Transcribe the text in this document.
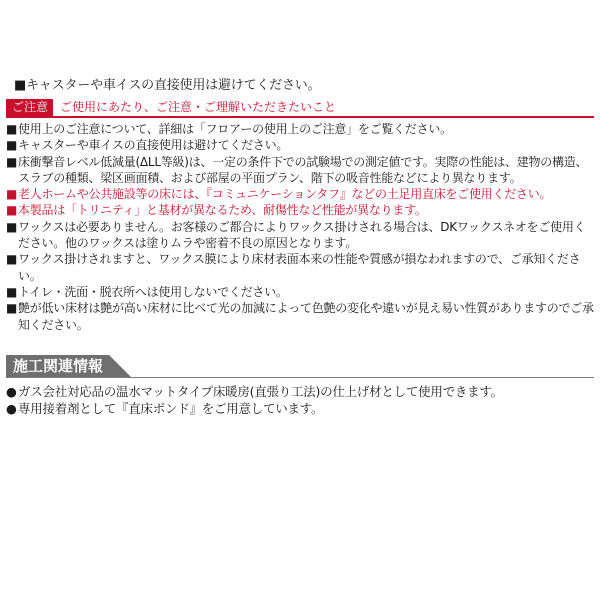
■キャスターや車イスの直接使用は避けてください。
ご注意	ご使用にあたり、ご注意・ご理解いただきたいこと
■ 使用上のご注意について、詳細は「フロアーの使用上のご注意」をご覧ください。
■ キャスターや車イスの直接使用は避けてください。
■ 床衝撃音レベル低減量(ΔLL等級)は、一定の条件下での試験場での測定値です。実際の性能は、建物の構造、スラブの種類、梁区画面積、および部屋の平面プラン、階下の吸音性能などにより異なります。
■ 老人ホームや公共施設等の床には、『コミュニケーションタフ』などの土足用直床をご使用ください。
■ 本製品は「トリニティ」と基材が異なるため、耐傷性など性能が異なります。
■ ワックスは必要ありません。お客様のご都合によりワックス掛けされる場合は、DKワックスネオをご使用ください。他のワックスは塗りムラや密着不良の原因となります。
■ ワックス掛けされますと、ワックス膜により床材表面本来の性能や質感が損なわれますので、ご承知ください。
■ トイレ・洗面・脱衣所へは使用しないでください。
■ 艶が低い床材は艶が高い床材に比べて光の加減によって色艶の変化や違いが見え易い性質がありますのでご承知ください。
施工関連情報
● ガス会社対応品の温水マットタイプ床暖房(直張り工法)の仕上げ材として使用できます。
● 専用接着剤として『直床ボンド』をご用意しています。
